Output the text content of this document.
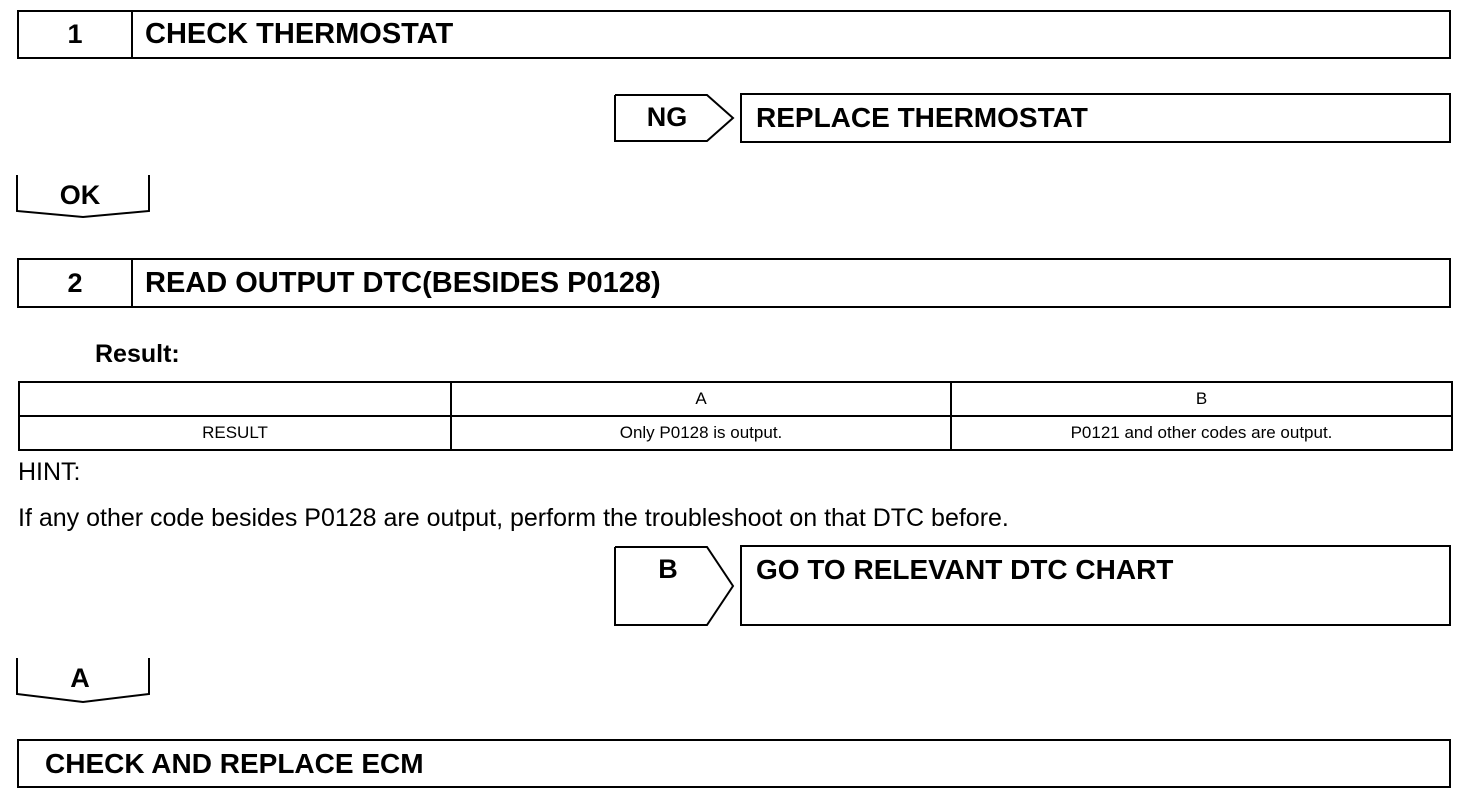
1	CHECK THERMOSTAT
NG	REPLACE THERMOSTAT
OK
2	READ OUTPUT DTC(BESIDES P0128)
Result:
	A	B
RESULT	Only P0128 is output.	P0121 and other codes are output.
HINT:
If any other code besides P0128 are output, perform the troubleshoot on that DTC before.
B	GO TO RELEVANT DTC CHART
A
CHECK AND REPLACE ECM
